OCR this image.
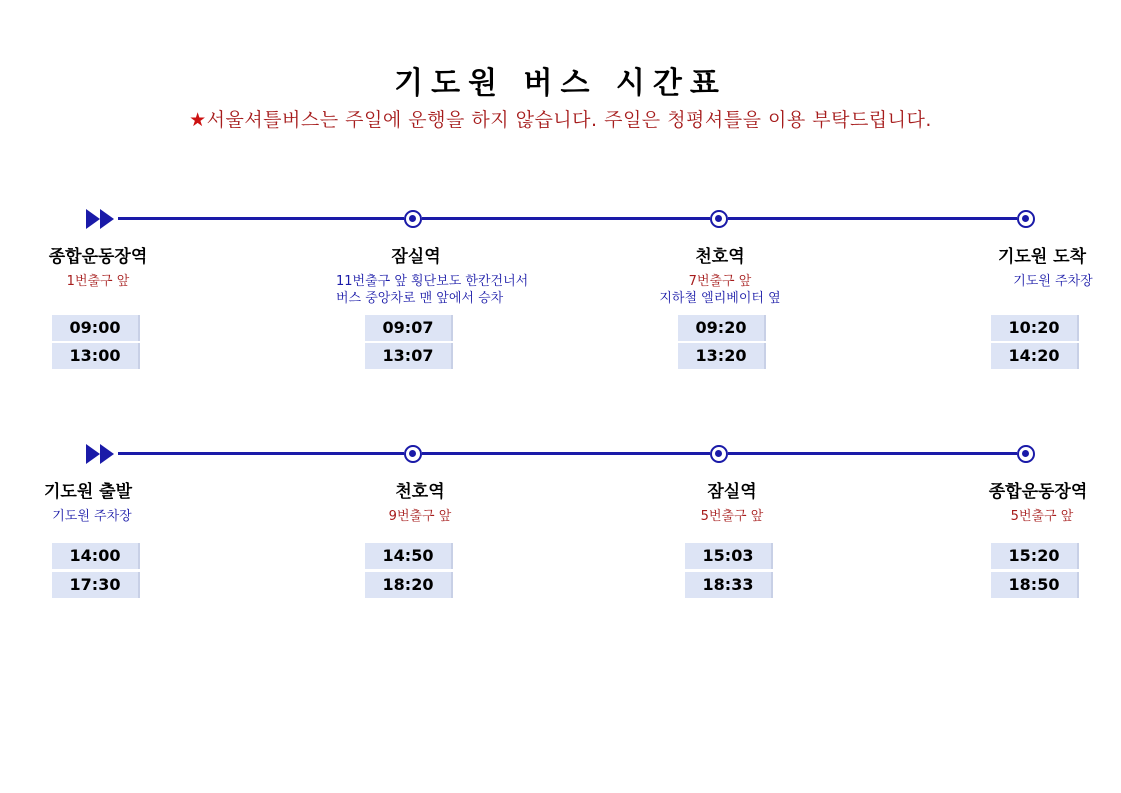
기도원 버스 시간표
★서울셔틀버스는 주일에 운행을 하지 않습니다. 주일은 청평셔틀을 이용 부탁드립니다.
종합운동장역
1번출구 앞
잠실역
11번출구 앞 횡단보도 한칸건너서
버스 중앙차로 맨 앞에서 승차
천호역
7번출구 앞
지하철 엘리베이터 옆
기도원 도착
기도원 주차장
09:00
13:00
09:07
13:07
09:20
13:20
10:20
14:20
기도원 출발
기도원 주차장
천호역
9번출구 앞
잠실역
5번출구 앞
종합운동장역
5번출구 앞
14:00
17:30
14:50
18:20
15:03
18:33
15:20
18:50
